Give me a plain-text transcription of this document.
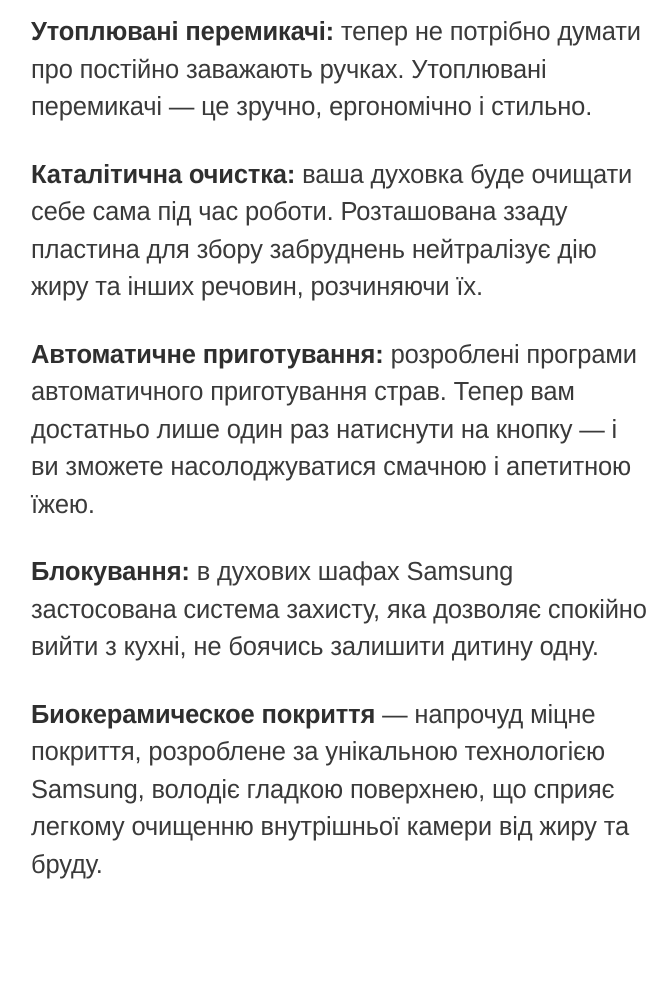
Утоплювані перемикачі: тепер не потрібно думати про постійно заважають ручках. Утоплювані перемикачі — це зручно, ергономічно і стильно.

Каталітична очистка: ваша духовка буде очищати себе сама під час роботи. Розташована ззаду пластина для збору забруднень нейтралізує дію жиру та інших речовин, розчиняючи їх.

Автоматичне приготування: розроблені програми автоматичного приготування страв. Тепер вам достатньо лише один раз натиснути на кнопку — і ви зможете насолоджуватися смачною і апетитною їжею.

Блокування: в духових шафах Samsung застосована система захисту, яка дозволяє спокійно вийти з кухні, не боячись залишити дитину одну.

Биокерамическое покриття — напрочуд міцне покриття, розроблене за унікальною технологією Samsung, володіє гладкою поверхнею, що сприяє легкому очищенню внутрішньої камери від жиру та бруду.
